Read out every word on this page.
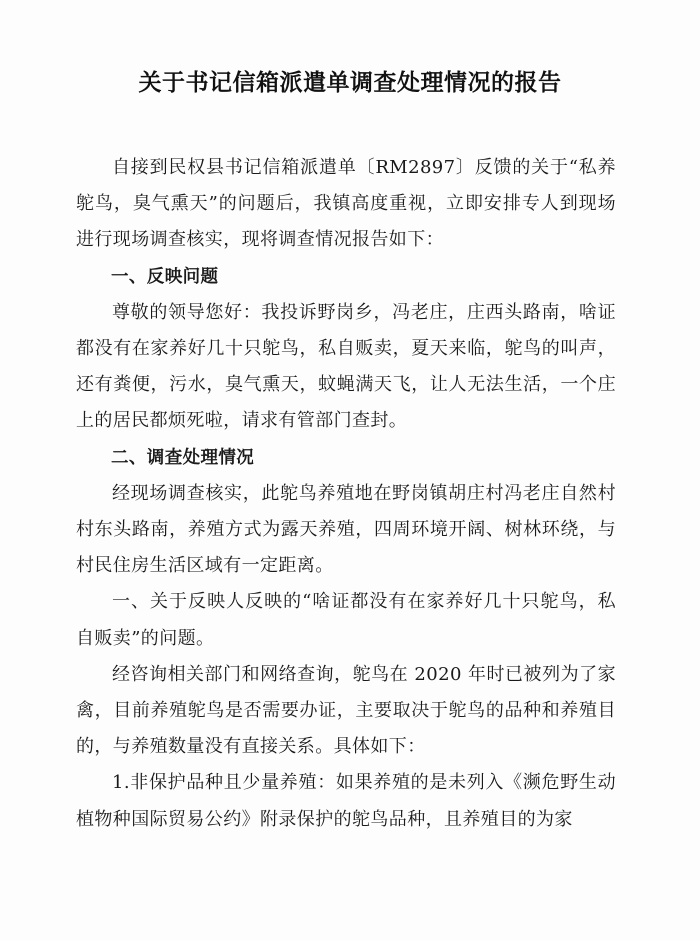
关于书记信箱派遣单调查处理情况的报告

自接到民权县书记信箱派遣单〔RM2897〕反馈的关于“私养鸵鸟，臭气熏天”的问题后，我镇高度重视，立即安排专人到现场进行现场调查核实，现将调查情况报告如下：

一、反映问题

尊敬的领导您好：我投诉野岗乡，冯老庄，庄西头路南，啥证都没有在家养好几十只鸵鸟，私自贩卖，夏天来临，鸵鸟的叫声，还有粪便，污水，臭气熏天，蚊蝇满天飞，让人无法生活，一个庄上的居民都烦死啦，请求有管部门查封。

二、调查处理情况

经现场调查核实，此鸵鸟养殖地在野岗镇胡庄村冯老庄自然村村东头路南，养殖方式为露天养殖，四周环境开阔、树林环绕，与村民住房生活区域有一定距离。

一、关于反映人反映的“啥证都没有在家养好几十只鸵鸟，私自贩卖”的问题。

经咨询相关部门和网络查询，鸵鸟在 2020 年时已被列为了家禽，目前养殖鸵鸟是否需要办证，主要取决于鸵鸟的品种和养殖目的，与养殖数量没有直接关系。具体如下：

1.非保护品种且少量养殖：如果养殖的是未列入《濒危野生动植物种国际贸易公约》附录保护的鸵鸟品种，且养殖目的为家
